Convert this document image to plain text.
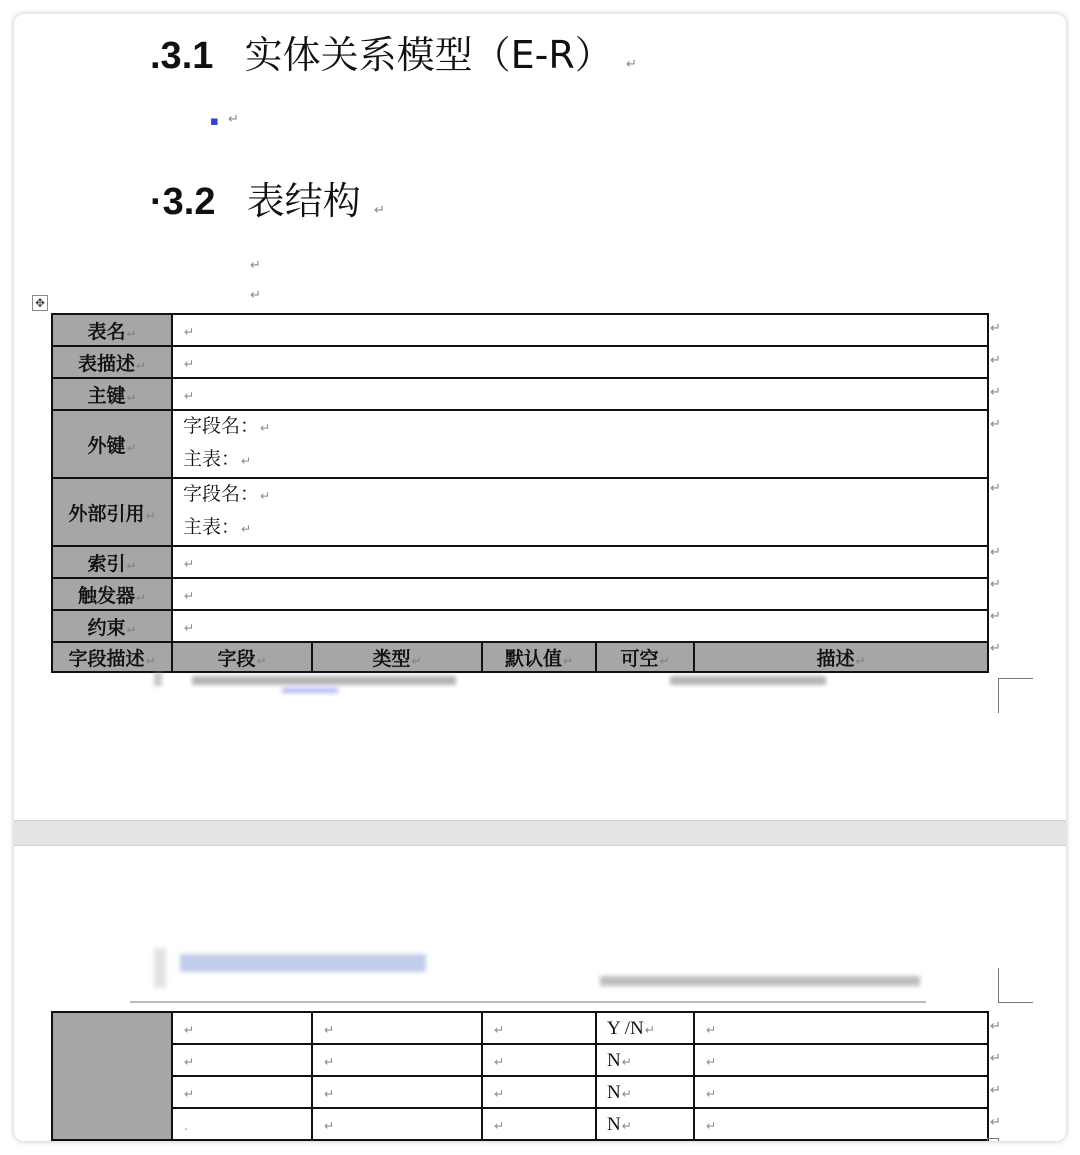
.3.1 实体关系模型（E-R） ↵
▪ ↵
·3.2 表结构 ↵
↵
↵
✥
表名↵	↵				
表描述↵	↵				
主键↵	↵				
外键↵	字段名：↵
主表：↵				

外部引用↵	字段名：↵
主表：↵				

索引↵	↵				
触发器↵	↵				
约束↵	↵				
字段描述↵	字段↵	类型↵	默认值↵	可空↵	描述↵
↵
↵
↵
↵
↵
↵
↵
↵
↵
	↵	↵	↵	Y /N↵	↵
	↵	↵	↵	N↵	↵
	↵	↵	↵	N↵	↵
	.	↵	↵	N↵	↵
↵
↵
↵
↵
